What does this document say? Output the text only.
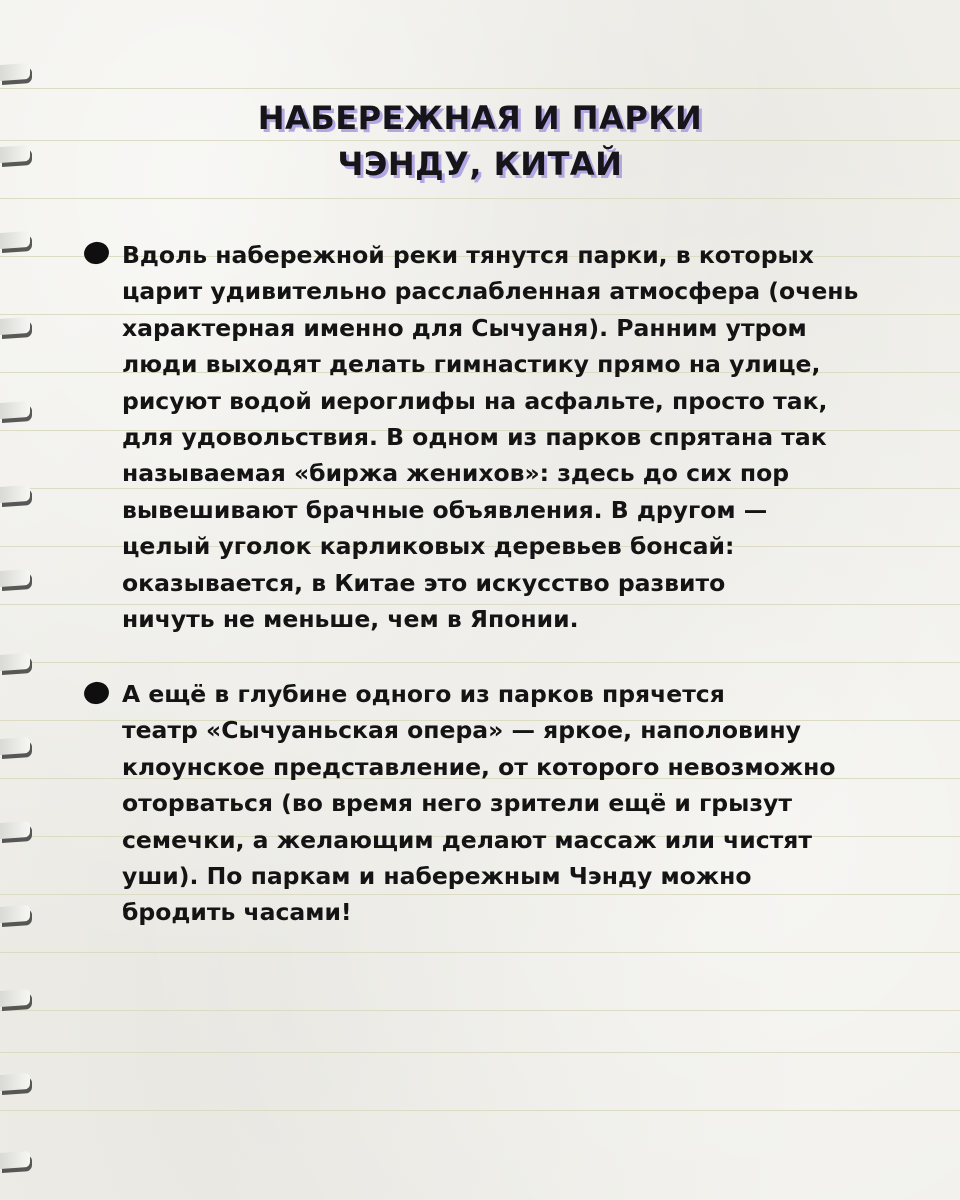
НАБЕРЕЖНАЯ И ПАРКИ
ЧЭНДУ, КИТАЙ
Вдоль набережной реки тянутся парки, в которых
царит удивительно расслабленная атмосфера (очень
характерная именно для Сычуаня). Ранним утром
люди выходят делать гимнастику прямо на улице,
рисуют водой иероглифы на асфальте, просто так,
для удовольствия. В одном из парков спрятана так
называемая «биржа женихов»: здесь до сих пор
вывешивают брачные объявления. В другом —
целый уголок карликовых деревьев бонсай:
оказывается, в Китае это искусство развито
ничуть не меньше, чем в Японии.
А ещё в глубине одного из парков прячется
театр «Сычуаньская опера» — яркое, наполовину
клоунское представление, от которого невозможно
оторваться (во время него зрители ещё и грызут
семечки, а желающим делают массаж или чистят
уши). По паркам и набережным Чэнду можно
бродить часами!
